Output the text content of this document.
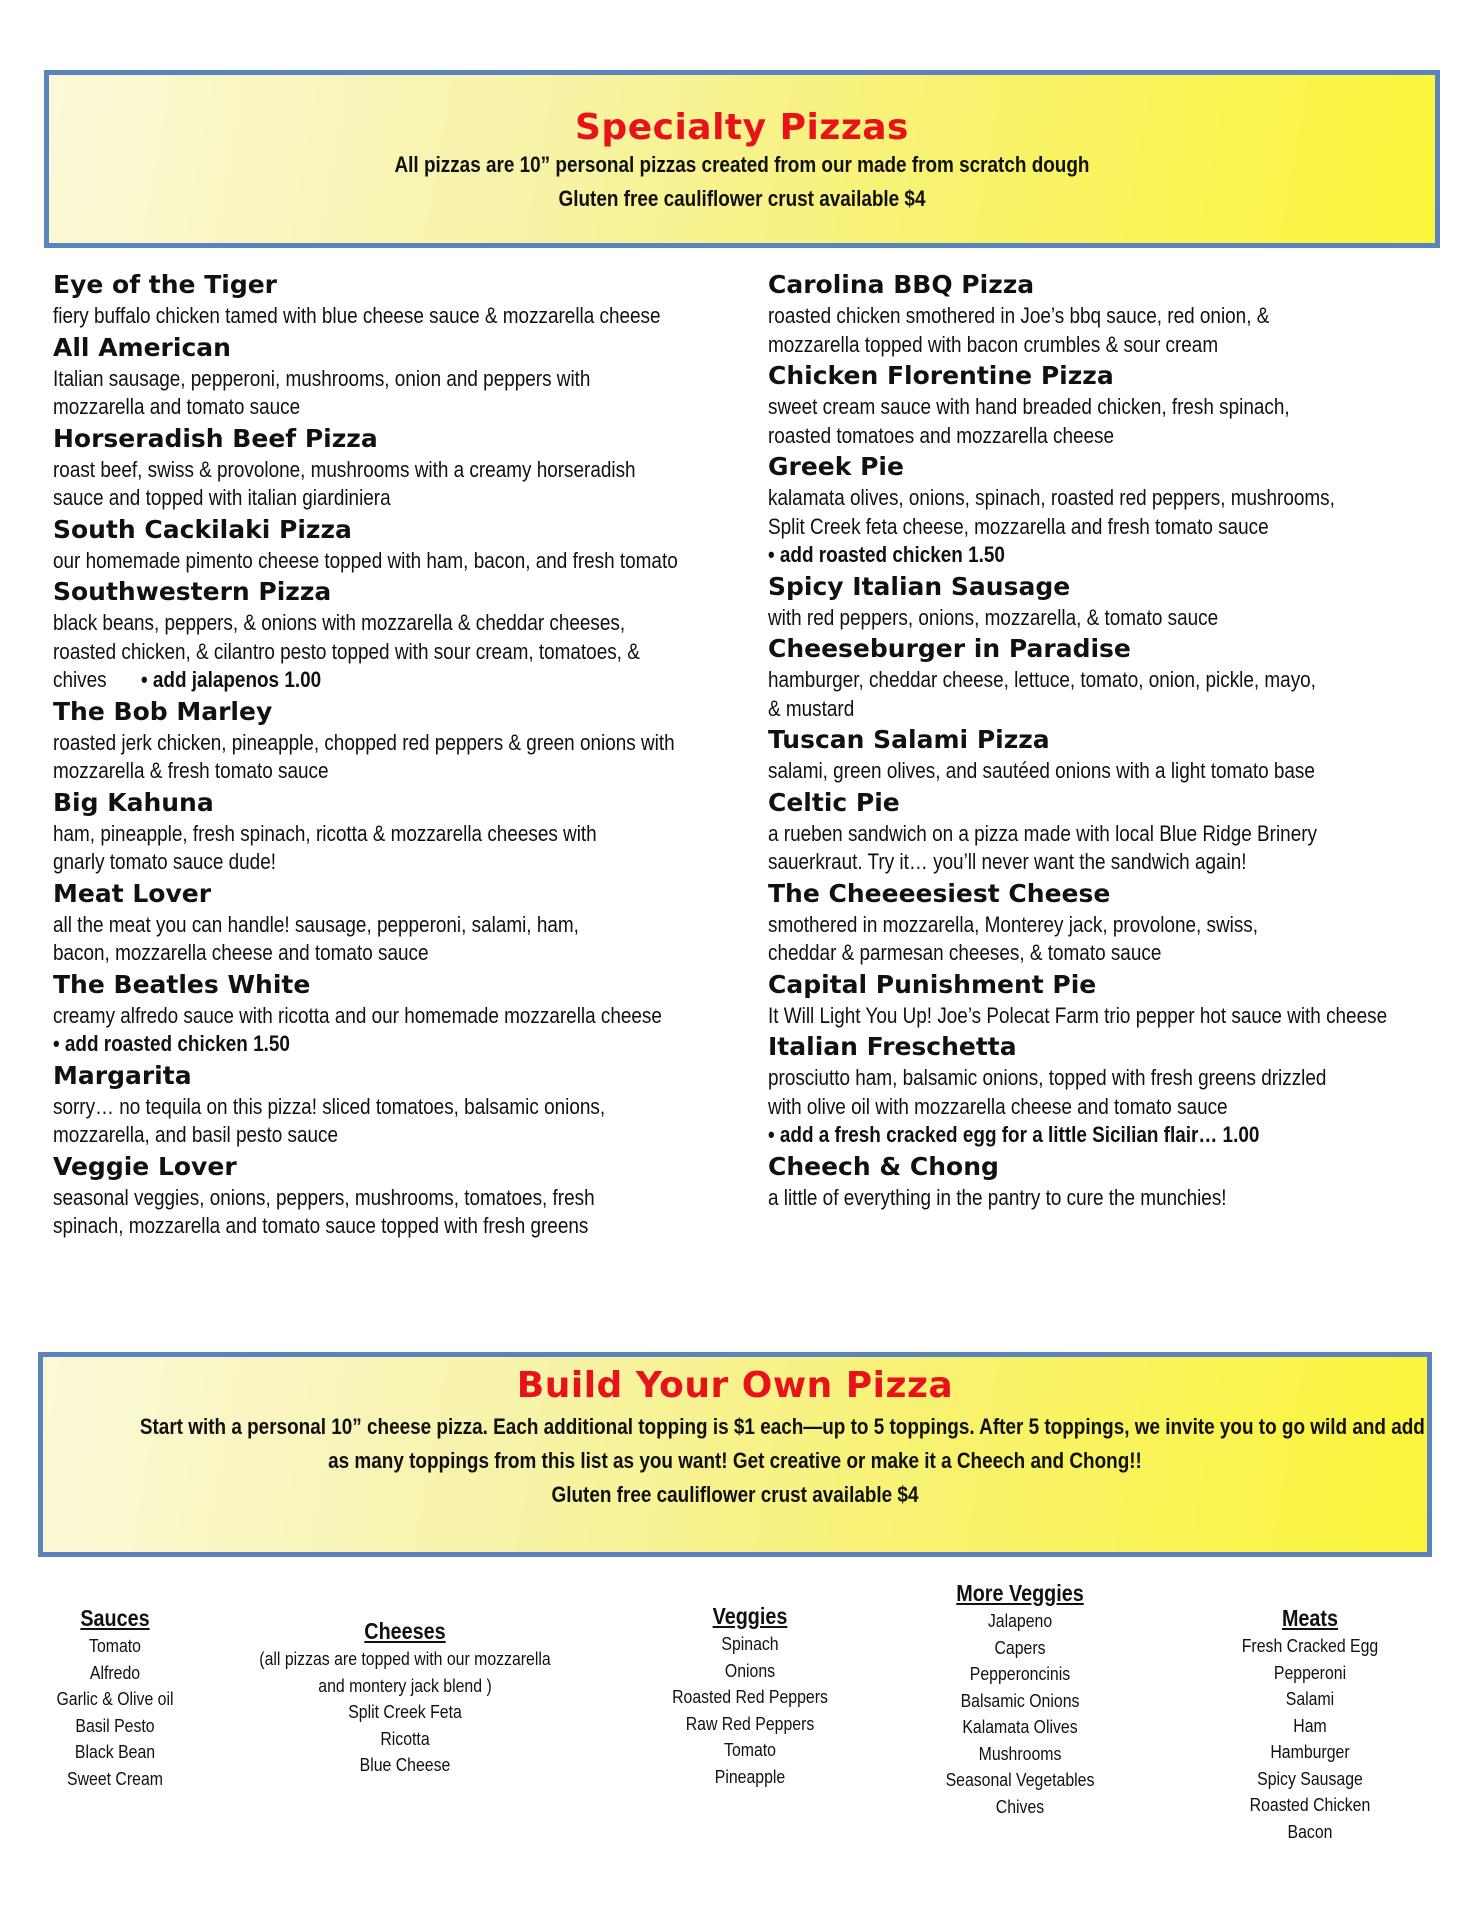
Specialty Pizzas
All pizzas are 10” personal pizzas created from our made from scratch dough
Gluten free cauliflower crust available $4
Eye of the Tiger
fiery buffalo chicken tamed with blue cheese sauce & mozzarella cheese
All American
Italian sausage, pepperoni, mushrooms, onion and peppers with
mozzarella and tomato sauce
Horseradish Beef Pizza
roast beef, swiss & provolone, mushrooms with a creamy horseradish
sauce and topped with italian giardiniera
South Cackilaki Pizza
our homemade pimento cheese topped with ham, bacon, and fresh tomato
Southwestern Pizza
black beans, peppers, & onions with mozzarella & cheddar cheeses,
roasted chicken, & cilantro pesto topped with sour cream, tomatoes, &
chives • add jalapenos 1.00
The Bob Marley
roasted jerk chicken, pineapple, chopped red peppers & green onions with
mozzarella & fresh tomato sauce
Big Kahuna
ham, pineapple, fresh spinach, ricotta & mozzarella cheeses with
gnarly tomato sauce dude!
Meat Lover
all the meat you can handle! sausage, pepperoni, salami, ham,
bacon, mozzarella cheese and tomato sauce
The Beatles White
creamy alfredo sauce with ricotta and our homemade mozzarella cheese
• add roasted chicken 1.50
Margarita
sorry… no tequila on this pizza! sliced tomatoes, balsamic onions,
mozzarella, and basil pesto sauce
Veggie Lover
seasonal veggies, onions, peppers, mushrooms, tomatoes, fresh
spinach, mozzarella and tomato sauce topped with fresh greens
Carolina BBQ Pizza
roasted chicken smothered in Joe’s bbq sauce, red onion, &
mozzarella topped with bacon crumbles & sour cream
Chicken Florentine Pizza
sweet cream sauce with hand breaded chicken, fresh spinach,
roasted tomatoes and mozzarella cheese
Greek Pie
kalamata olives, onions, spinach, roasted red peppers, mushrooms,
Split Creek feta cheese, mozzarella and fresh tomato sauce
• add roasted chicken 1.50
Spicy Italian Sausage
with red peppers, onions, mozzarella, & tomato sauce
Cheeseburger in Paradise
hamburger, cheddar cheese, lettuce, tomato, onion, pickle, mayo,
& mustard
Tuscan Salami Pizza
salami, green olives, and sautéed onions with a light tomato base
Celtic Pie
a rueben sandwich on a pizza made with local Blue Ridge Brinery
sauerkraut. Try it… you’ll never want the sandwich again!
The Cheeeesiest Cheese
smothered in mozzarella, Monterey jack, provolone, swiss,
cheddar & parmesan cheeses, & tomato sauce
Capital Punishment Pie
It Will Light You Up! Joe’s Polecat Farm trio pepper hot sauce with cheese
Italian Freschetta
prosciutto ham, balsamic onions, topped with fresh greens drizzled
with olive oil with mozzarella cheese and tomato sauce
• add a fresh cracked egg for a little Sicilian flair… 1.00
Cheech & Chong
a little of everything in the pantry to cure the munchies!
Build Your Own Pizza
Start with a personal 10” cheese pizza. Each additional topping is $1 each—up to 5 toppings. After 5 toppings, we invite you to go wild and add
as many toppings from this list as you want! Get creative or make it a Cheech and Chong!!
Gluten free cauliflower crust available $4
Sauces
Tomato
Alfredo
Garlic & Olive oil
Basil Pesto
Black Bean
Sweet Cream
Cheeses
(all pizzas are topped with our mozzarella
and montery jack blend )
Split Creek Feta
Ricotta
Blue Cheese
Veggies
Spinach
Onions
Roasted Red Peppers
Raw Red Peppers
Tomato
Pineapple
More Veggies
Jalapeno
Capers
Pepperoncinis
Balsamic Onions
Kalamata Olives
Mushrooms
Seasonal Vegetables
Chives
Meats
Fresh Cracked Egg
Pepperoni
Salami
Ham
Hamburger
Spicy Sausage
Roasted Chicken
Bacon
